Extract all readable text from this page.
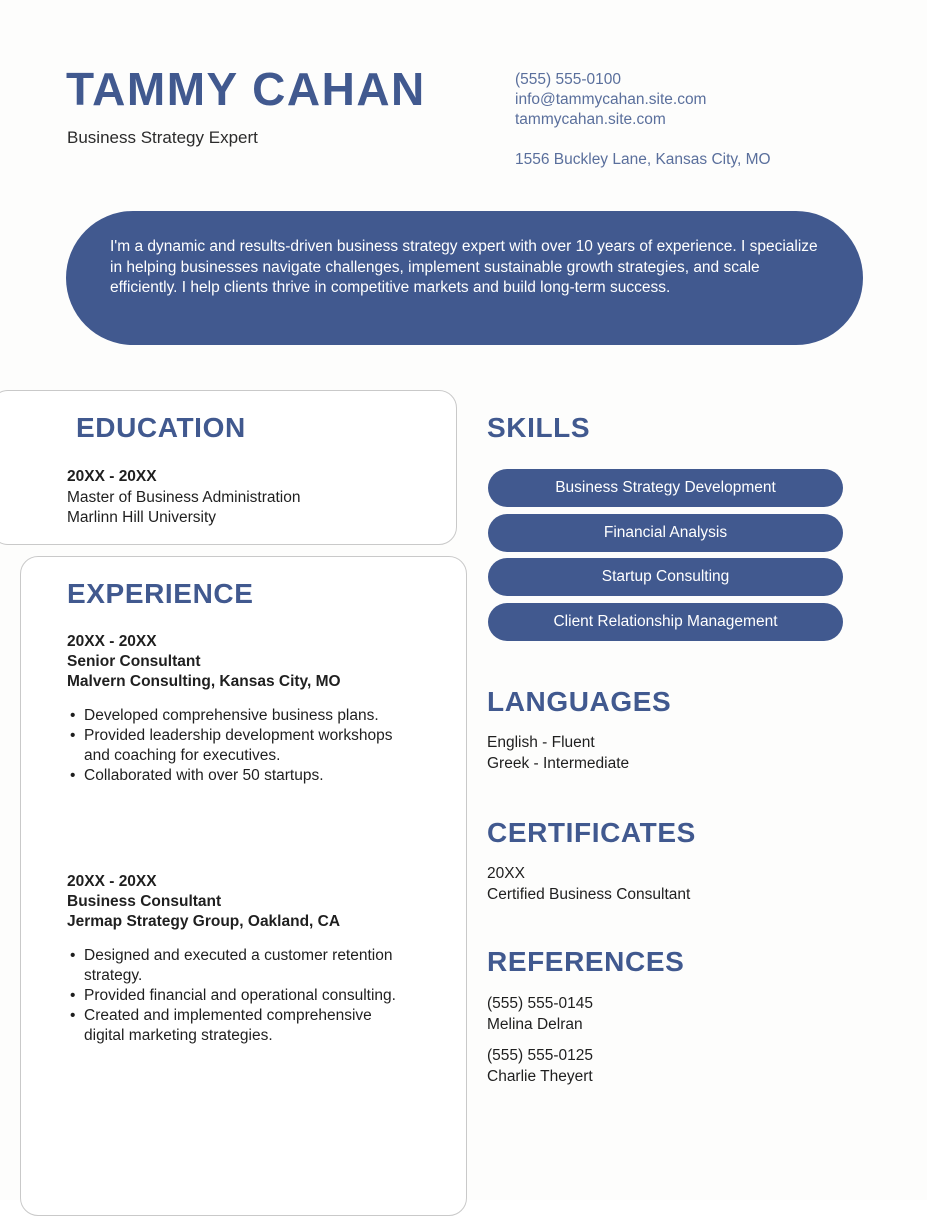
TAMMY CAHAN
Business Strategy Expert
(555) 555-0100
info@tammycahan.site.com
tammycahan.site.com
1556 Buckley Lane, Kansas City, MO

I'm a dynamic and results-driven business strategy expert with over 10 years of experience. I specialize in helping businesses navigate challenges, implement sustainable growth strategies, and scale efficiently. I help clients thrive in competitive markets and build long-term success.

EDUCATION
20XX - 20XX
Master of Business Administration
Marlinn Hill University
EXPERIENCE
20XX - 20XX
Senior Consultant
Malvern Consulting, Kansas City, MO
• Developed comprehensive business plans.
• Provided leadership development workshops and coaching for executives.
• Collaborated with over 50 startups.
20XX - 20XX
Business Consultant
Jermap Strategy Group, Oakland, CA
• Designed and executed a customer retention strategy.
• Provided financial and operational consulting.
• Created and implemented comprehensive digital marketing strategies.
SKILLS
Business Strategy Development
Financial Analysis
Startup Consulting
Client Relationship Management
LANGUAGES
English - Fluent
Greek - Intermediate
CERTIFICATES
20XX
Certified Business Consultant
REFERENCES
(555) 555-0145
Melina Delran
(555) 555-0125
Charlie Theyert
